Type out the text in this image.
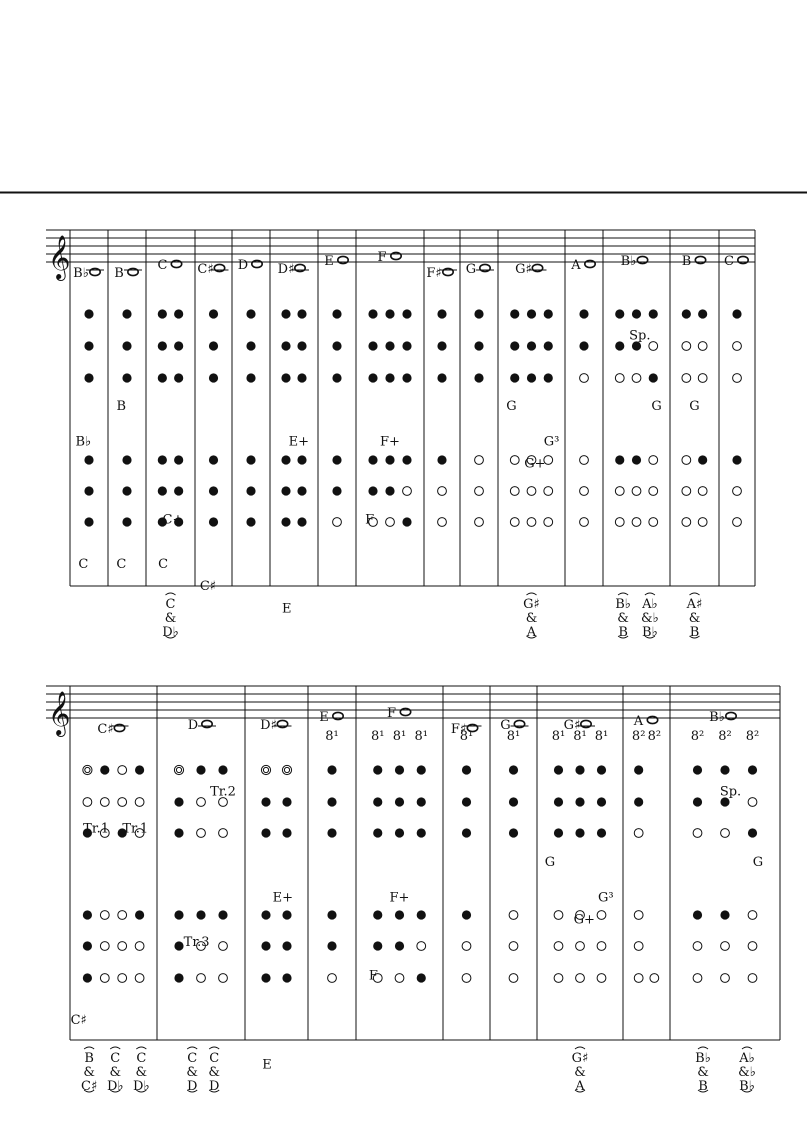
𝄞 B♭
B♭
C
B
B
C
C
C+
C
C♯
C♯
D D♯
E+
E
E	F
F+
F
F♯ G	G♯
G
G³
G+
A	B♭
Sp.
G
B
G
C
C
&
D♭
G♯
&
A
B♭
&
B
A♭
&♭
B♭
A♯
&
B
𝄞 C♯
Tr.1 Tr.1
C♯
D
Tr.2
Tr.3
D♯
E+
E
E
8¹
F
8¹ 8¹ 8¹
F+
F
F♯
8¹
G
8¹
G♯
8¹ 8¹ 8¹
G
G³
G+
A
8² 8²
B♭
8² 8² 8²
Sp.
G
B
&
C♯
C
&
D♭
C
&
D♭
C
&
D
C
&
D
G♯
&
A
B♭
&
B
A♭
&♭
B♭
